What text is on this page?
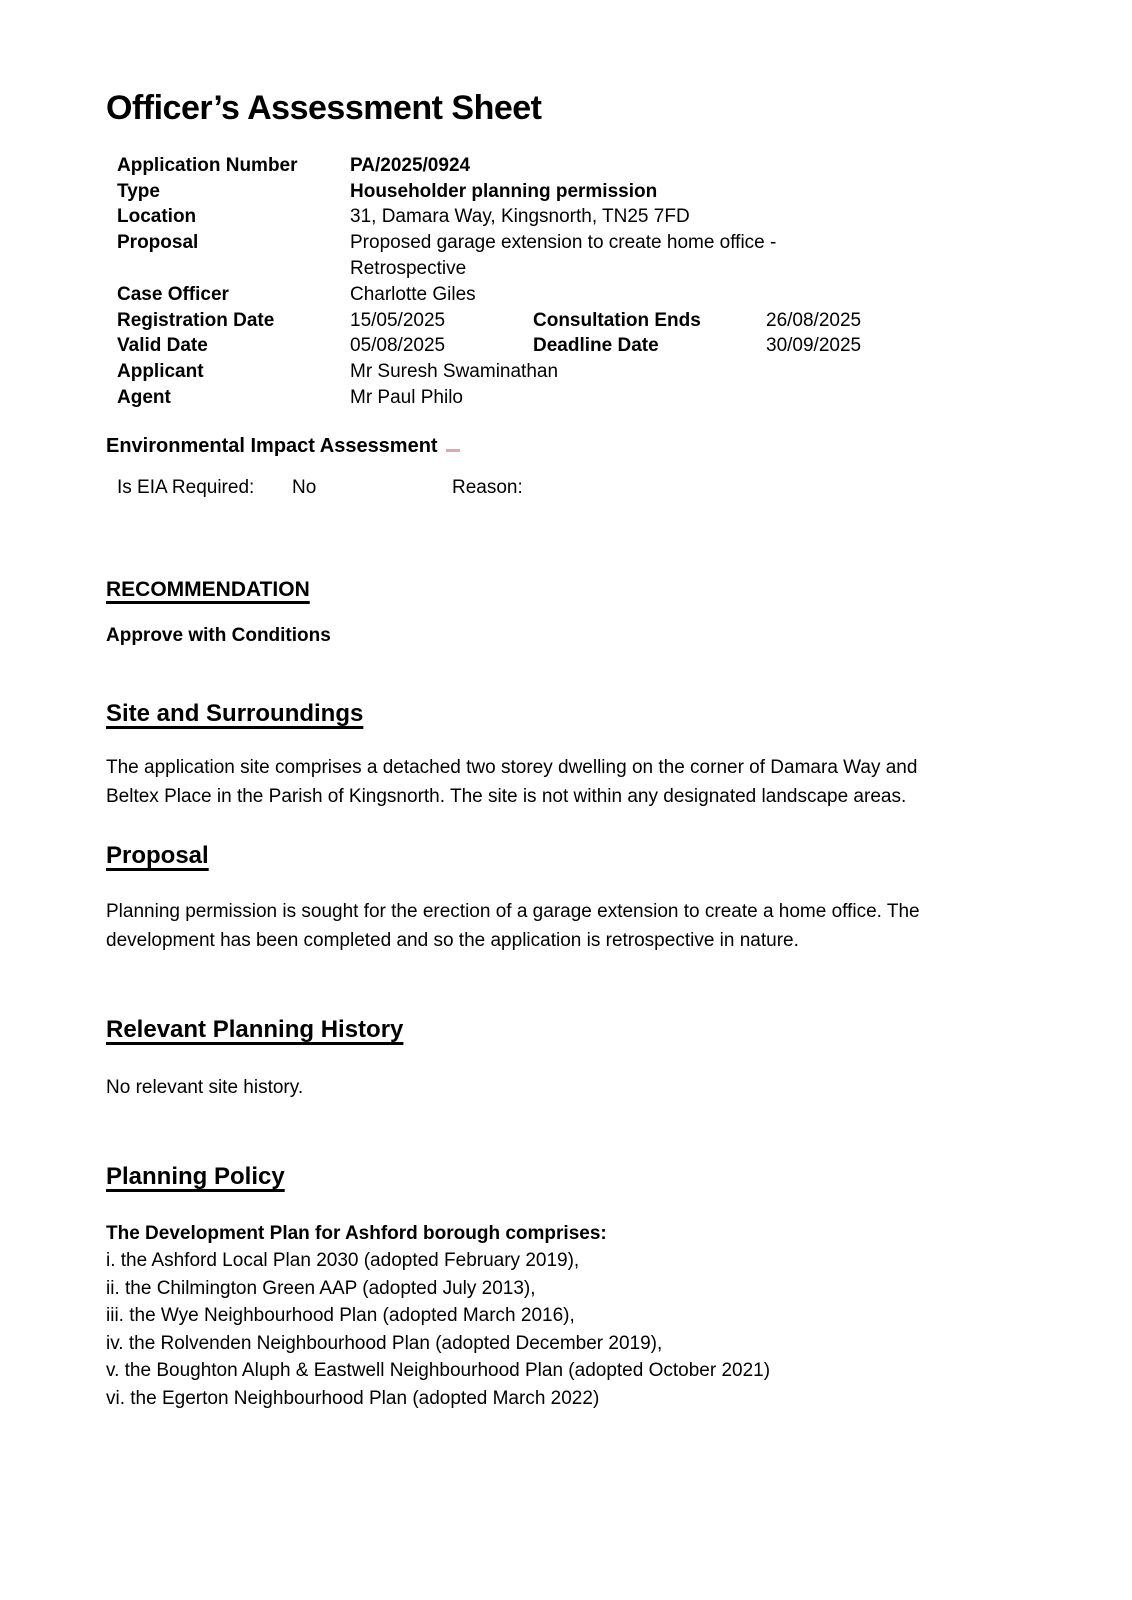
Officer’s Assessment Sheet
Application Number	PA/2025/0924
Type	Householder planning permission
Location	31, Damara Way, Kingsnorth, TN25 7FD
Proposal	Proposed garage extension to create home office - Retrospective
Case Officer	Charlotte Giles
Registration Date	15/05/2025	Consultation Ends	26/08/2025
Valid Date	05/08/2025	Deadline Date	30/09/2025
Applicant	Mr Suresh Swaminathan
Agent	Mr Paul Philo
Environmental Impact Assessment
Is EIA Required:	No	Reason:
RECOMMENDATION
Approve with Conditions
Site and Surroundings

The application site comprises a detached two storey dwelling on the corner of Damara Way and Beltex Place in the Parish of Kingsnorth. The site is not within any designated landscape areas.

Proposal

Planning permission is sought for the erection of a garage extension to create a home office. The development has been completed and so the application is retrospective in nature.

Relevant Planning History

No relevant site history.

Planning Policy

The Development Plan for Ashford borough comprises:

i. the Ashford Local Plan 2030 (adopted February 2019),
ii. the Chilmington Green AAP (adopted July 2013),
iii. the Wye Neighbourhood Plan (adopted March 2016),
iv. the Rolvenden Neighbourhood Plan (adopted December 2019),
v. the Boughton Aluph & Eastwell Neighbourhood Plan (adopted October 2021)
vi. the Egerton Neighbourhood Plan (adopted March 2022)
